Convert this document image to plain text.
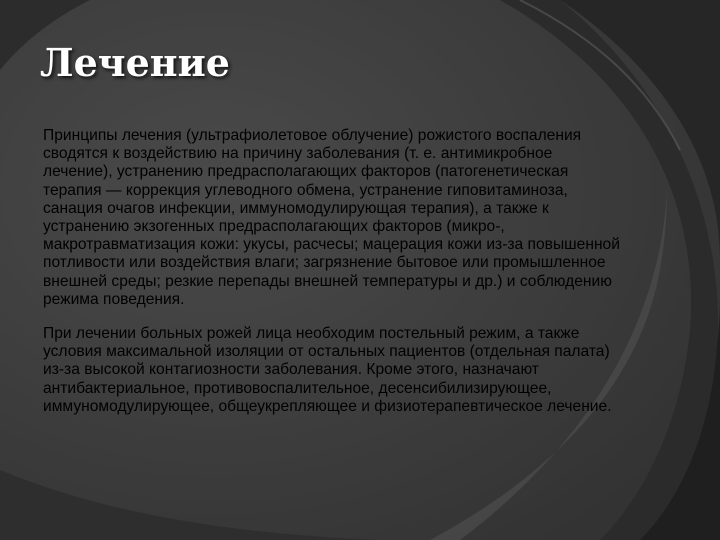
Лечение

Принципы лечения (ультрафиолетовое облучение) рожистого воспаления сводятся к воздействию на причину заболевания (т. е. антимикробное лечение), устранению предрасполагающих факторов (патогенетическая терапия — коррекция углеводного обмена, устранение гиповитаминоза, санация очагов инфекции, иммуномодулирующая терапия), а также к устранению экзогенных предрасполагающих факторов (микро-, макротравматизация кожи: укусы, расчесы; мацерация кожи из-за повышенной потливости или воздействия влаги; загрязнение бытовое или промышленное внешней среды; резкие перепады внешней температуры и др.) и соблюдению режима поведения.

При лечении больных рожей лица необходим постельный режим, а также условия максимальной изоляции от остальных пациентов (отдельная палата) из-за высокой контагиозности заболевания. Кроме этого, назначают антибактериальное, противовоспалительное, десенсибилизирующее, иммуномодулирующее, общеукрепляющее и физиотерапевтическое лечение.
